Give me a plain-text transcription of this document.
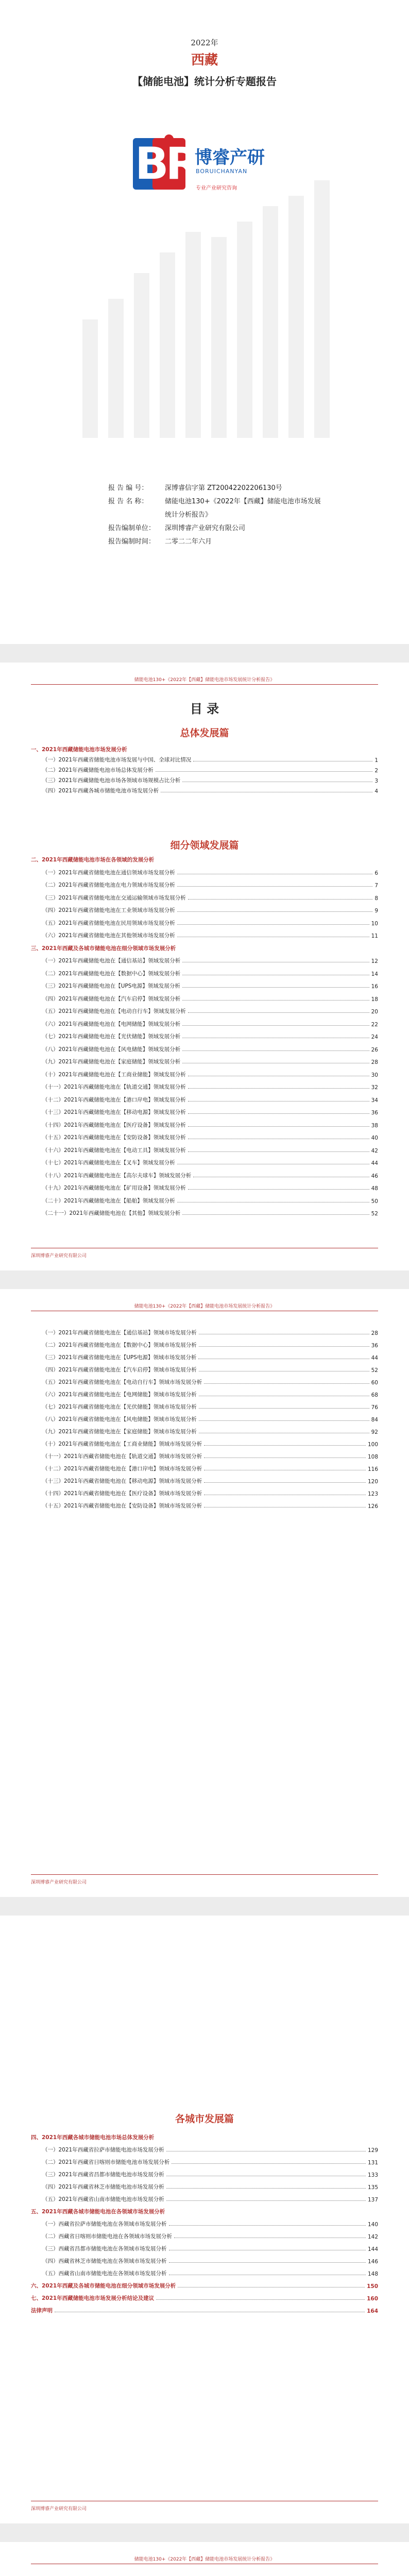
2022年
西藏
【储能电池】统计分析专题报告
BR
博睿产研
BORUICHANYAN
专业产业研究咨询
报 告 编 号：	深博睿信字第 ZT20042202206130号
报 告 名 称：	储能电池130+《2022年【西藏】储能电池市场发展统计分析报告》
报告编制单位：	深圳博睿产业研究有限公司
报告编制时间：	二零二二年六月
储能电池130+《2022年【西藏】储能电池市场发展统计分析报告》
目 录
总体发展篇
一、2021年西藏储能电池市场发展分析
（一）2021年西藏省储能电池市场发展与中国、全球对比情况	1
（二）2021年西藏储能电池市场总体发展分析	2
（三）2021年西藏储能电池市场各领域市场规模占比分析	3
（四）2021年西藏各城市储能电池市场发展分析	4
细分领域发展篇
二、2021年西藏储能电池市场在各领域的发展分析
（一）2021年西藏省储能电池在通信领域市场发展分析	6
（二）2021年西藏省储能电池在电力领域市场发展分析	7
（三）2021年西藏省储能电池在交通运输领域市场发展分析	8
（四）2021年西藏省储能电池在工业领域市场发展分析	9
（五）2021年西藏省储能电池在民用领域市场发展分析	10
（六）2021年西藏省储能电池在其他领域市场发展分析	11
三、2021年西藏及各城市储能电池在细分领域市场发展分析
（一）2021年西藏储能电池在【通信基站】领域发展分析	12
（二）2021年西藏储能电池在【数据中心】领域发展分析	14
（三）2021年西藏储能电池在【UPS电源】领域发展分析	16
（四）2021年西藏储能电池在【汽车启停】领域发展分析	18
（五）2021年西藏储能电池在【电动自行车】领域发展分析	20
（六）2021年西藏储能电池在【电网储能】领域发展分析	22
（七）2021年西藏储能电池在【光伏储能】领域发展分析	24
（八）2021年西藏储能电池在【风电储能】领域发展分析	26
（九）2021年西藏储能电池在【家庭储能】领域发展分析	28
（十）2021年西藏储能电池在【工商业储能】领域发展分析	30
（十一）2021年西藏储能电池在【轨道交通】领域发展分析	32
（十二）2021年西藏储能电池在【港口岸电】领域发展分析	34
（十三）2021年西藏储能电池在【移动电源】领域发展分析	36
（十四）2021年西藏储能电池在【医疗设备】领域发展分析	38
（十五）2021年西藏储能电池在【安防设备】领域发展分析	40
（十六）2021年西藏储能电池在【电动工具】领域发展分析	42
（十七）2021年西藏储能电池在【叉车】领域发展分析	44
（十八）2021年西藏储能电池在【高尔夫球车】领域发展分析	46
（十九）2021年西藏储能电池在【矿用设备】领域发展分析	48
（二十）2021年西藏储能电池在【船舶】领域发展分析	50
（二十一）2021年西藏储能电池在【其他】领域发展分析	52
深圳博睿产业研究有限公司
储能电池130+《2022年【西藏】储能电池市场发展统计分析报告》
（一）2021年西藏省储能电池在【通信基站】领域市场发展分析	28
（二）2021年西藏省储能电池在【数据中心】领域市场发展分析	36
（三）2021年西藏省储能电池在【UPS电源】领域市场发展分析	44
（四）2021年西藏省储能电池在【汽车启停】领域市场发展分析	52
（五）2021年西藏省储能电池在【电动自行车】领域市场发展分析	60
（六）2021年西藏省储能电池在【电网储能】领域市场发展分析	68
（七）2021年西藏省储能电池在【光伏储能】领域市场发展分析	76
（八）2021年西藏省储能电池在【风电储能】领域市场发展分析	84
（九）2021年西藏省储能电池在【家庭储能】领域市场发展分析	92
（十）2021年西藏省储能电池在【工商业储能】领域市场发展分析	100
（十一）2021年西藏省储能电池在【轨道交通】领域市场发展分析	108
（十二）2021年西藏省储能电池在【港口岸电】领域市场发展分析	116
（十三）2021年西藏省储能电池在【移动电源】领域市场发展分析	120
（十四）2021年西藏省储能电池在【医疗设备】领域市场发展分析	123
（十五）2021年西藏省储能电池在【安防设备】领域市场发展分析	126
深圳博睿产业研究有限公司
各城市发展篇
四、2021年西藏各城市储能电池市场总体发展分析
（一）2021年西藏省拉萨市储能电池市场发展分析	129
（二）2021年西藏省日喀则市储能电池市场发展分析	131
（三）2021年西藏省昌都市储能电池市场发展分析	133
（四）2021年西藏省林芝市储能电池市场发展分析	135
（五）2021年西藏省山南市储能电池市场发展分析	137
五、2021年西藏各城市储能电池在各领域市场发展分析
（一）西藏省拉萨市储能电池在各领域市场发展分析	140
（二）西藏省日喀则市储能电池在各领域市场发展分析	142
（三）西藏省昌都市储能电池在各领域市场发展分析	144
（四）西藏省林芝市储能电池在各领域市场发展分析	146
（五）西藏省山南市储能电池在各领域市场发展分析	148
六、2021年西藏及各城市储能电池在细分领域市场发展分析	150
七、2021年西藏储能电池市场发展分析结论及建议	160
法律声明	164
深圳博睿产业研究有限公司
储能电池130+《2022年【西藏】储能电池市场发展统计分析报告》
